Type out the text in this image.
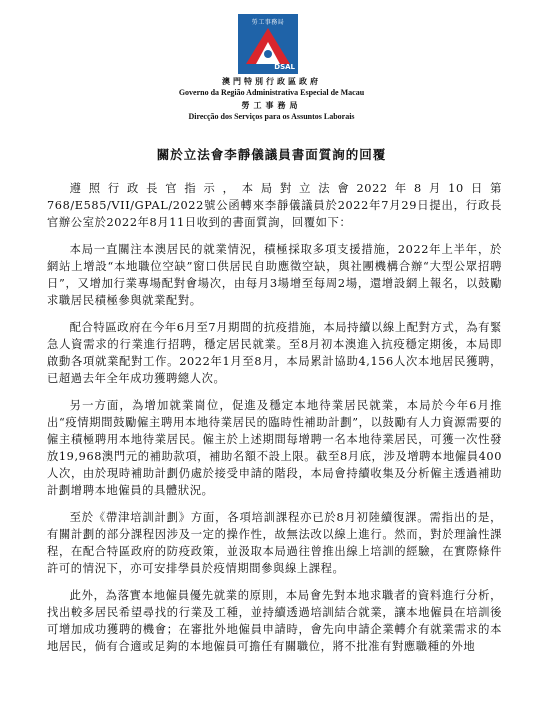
勞工事務局
DSAL
澳門特別行政區政府
Governo da Região Administrativa Especial de Macau
勞工事務局
Direcção dos Serviços para os Assuntos Laborais
關於立法會李靜儀議員書面質詢的回覆

遵照行政長官指示，本局對立法會2022年8月10日第768/E585/VII/GPAL/2022號公函轉來李靜儀議員於2022年7月29日提出，行政長官辦公室於2022年8月11日收到的書面質詢，回覆如下：

本局一直關注本澳居民的就業情況，積極採取多項支援措施，2022年上半年，於網站上增設“本地職位空缺”窗口供居民自助應徵空缺，與社團機構合辦“大型公眾招聘日”，又增加行業專場配對會場次，由每月3場增至每周2場，還增設網上報名，以鼓勵求職居民積極參與就業配對。

配合特區政府在今年6月至7月期間的抗疫措施，本局持續以線上配對方式，為有緊急人資需求的行業進行招聘，穩定居民就業。至8月初本澳進入抗疫穩定期後，本局即啟動各項就業配對工作。2022年1月至8月，本局累計協助4,156人次本地居民獲聘，已超過去年全年成功獲聘總人次。

另一方面，為增加就業崗位，促進及穩定本地待業居民就業，本局於今年6月推出“疫情期間鼓勵僱主聘用本地待業居民的臨時性補助計劃”，以鼓勵有人力資源需要的僱主積極聘用本地待業居民。僱主於上述期間每增聘一名本地待業居民，可獲一次性發放19,968澳門元的補助款項，補助名額不設上限。截至8月底，涉及增聘本地僱員400人次，由於現時補助計劃仍處於接受申請的階段，本局會持續收集及分析僱主透過補助計劃增聘本地僱員的具體狀況。

至於《帶津培訓計劃》方面，各項培訓課程亦已於8月初陸續復課。需指出的是，有關計劃的部分課程因涉及一定的操作性，故無法改以線上進行。然而，對於理論性課程，在配合特區政府的防疫政策，並汲取本局過往曾推出線上培訓的經驗，在實際條件許可的情況下，亦可安排學員於疫情期間參與線上課程。

此外，為落實本地僱員優先就業的原則，本局會先對本地求職者的資料進行分析，找出較多居民希望尋找的行業及工種，並持續透過培訓結合就業，讓本地僱員在培訓後可增加成功獲聘的機會；在審批外地僱員申請時，會先向申請企業轉介有就業需求的本地居民，倘有合適或足夠的本地僱員可擔任有關職位，將不批准有對應職種的外地
